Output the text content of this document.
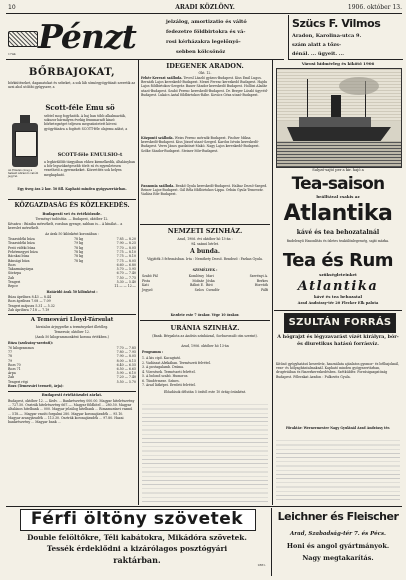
10	ARADI KÖZLÖNY.	1906. október 13.
Pénzt
1744
jelzálog, amortizatio és váltó
fedezetre földbirtokra és vá-
rosi kérházakra legelőnyö-
sebben kölcsönöz
Szücs F. Vilmos
Aradon, Karolina-utca 9.
szám alatt a tőzs-
dénál. ... ügyeit. ...
BŐRBAJOKAT,
bőrkiütéseket, daganatokat és sebeket, a sok láb sömörgyógyítását szeretik az uzsi ahol utóbbi gyógyszer, a
Scott-féle Emu sö
Az Emulsio üveg a halászt ábrázoló valódi jegyrel.
sebtel mog fogyhatók. A baj ban több alkalmazták, sokszor bármilyen évekig fennmaradt kinzó bőrbetegséget teljesen megszüntetett kövesi gyógyítására a fogított SCOTT-féle olajemu adást, a
SCOTT-féle EMULSIO-t
a legkiválóbb tárgyában ehhez kiemelkedik, általányban a bőr legszükségesebb tőröt rá és egyenletesen vezethető a gyermekeket. Közvetítés sok helyen megkapható.
Egy üveg ára 2 kor. 50 fill. Kapható minden gyógyszertárban.
KÖZGAZDASÁG ÉS KÖZLEKEDÉS.
Budapesti vet és értéktőzsde.
Terményi tudósítás. — Budapest, október 12.
Készáru : Búzába mérsékelt, rozsban gyenge, zabban is... A kínálat... a kereslet mérsékelt.
Az árak 50 kilónként koronában :
Tiszavidéki búza	78 kg	7.85 — 8.20
Tiszavidéki búza	79 kg	7.90 — 8.25
Pesti vidéki búza	78 kg	7.70 — 8.05
Fehérmegyei búza	78 kg	7.75 — 8.10
Bácskai búza	78 kg	7.75 — 8.10
Bánsági búza	78 kg	7.75 — 8.05
Rozs	6.60 — 6.80
Takarmányárpa	5.70 — 5.95
Sörárpa	6.70 — 7.40
Zab	7.50 — 7.75
Tengeri	5.30 — 5.40
Repce	11.— — 12.—
Határidő árak 50 kilónként :
Búza áprilisra 8.43 — 8.44
Rozs áprilisra 7.08 — 7.09
Tengeri májusra 5.31 — 5.32
Zab áprilisra 7.18 — 7.19
A Temesvári Lloyd-Társulat
hivatalos árjegyzéke a terményeket illetőleg.
Temesvár, október 12.
(Azok 50 kilogrammonként korona értékben.)
Búza (szokvány-szerinti):
76 kilogrammos	7.70 — 7.85
77	7.80 — 7.95
78	7.90 — 8.05
79	8.00 — 8.15
Rozs 70	6.40 — 6.55
Rozs 71	6.50 — 6.65
Árpa	5.90 — 6.10
Zab	7.20 — 7.40
Tengeri régi	5.50 — 5.70
Rozs (Temesvári termett, árja):
Budapesti értéktőzsdei zárlat.
Budapest, október 12. — Kedv. ... Bankrészvény 000.00. Magyar hitelrészvény ... 727.50. Osztrák hitelrészvény 667.—. Magyar földhitel ... 280.50. Magyar általános hitelbank ... 000. Magyar jelzálog hitelbank ... Rimamuránvi vasmű ... 518.—. Magyar vasúti forgalmi 280. Magyar koronajáradék ... 95.10. Magyar aranyjáradék ... 113.30. Osztrák koronajáradék ... 97.80. Hazai bankrészvény ... Magyar bank ...
IDEGENEK ARADON.
Okt. 12.
Fehér Kereszt szálloda. Tevesl László gyáros-Budapest. Kiss Emil Lugos. Bernáth Lajos kereskedő-Budapest. Mezei Ferenc kereskedő Budapest. Hajdu Lajos földbirtokos-Szegvár. Bauer Sándor kereskedő Budapest. Hollósi Aladár utazó-Budapest. Szabó Ferenc kereskedő-Budapest. Dr. Berger László ügyvéd-Budapest. Lukács Antal földbirtokos-Rábe. Kovács Géza utazó-Budapest.
Központi szálloda. Weiss Ferenc mérnök-Budapest. Fischer Miksa kereskedő-Budapest. Kiss József utazó-Szeged. Kardos István kereskedő-Budapest. Veres János gazdatiszt-Makó. Nagy Lajos kereskedő-Budapest. Szőke Sándor-Budapest. Steiner Mór-Budapest.
Pannonia szálloda. Benkő Gyula kereskedő-Budapest. Halász Dezső-Szeged. Reiner Lajos-Budapest. Gál Béla földbirtokos-Lippa. Orbán Gyula-Temesvár. Vadász Ede-Budapest.
NEMZETI SZINHÁZ.
Arad, 1906. évi október hó 13-án :
94. számú bérlet.
A bunda.
Vígjáték 3 felvonásban. Irta : Nemthety Dezső. Rendező : Farkas Gyula.
SZEMÉLYEK :
Szabó Pál	Komlóssy Mari	Szerényi A.
Pista	Molnár Jóska	Berkes
Kati	Bálint E. Bíró	Horváth
Jegyző	Szűcs Csendőr	Pálfi
Kezdete este 7 órakor. Vége 10 órakor.
URÁNIA SZINHÁZ.
(Bank. Bérpalota az András színházzal, Sorbavonuló cím szerint).
Arad, 1906. október hó 13-án
Programm :
1. A kis cipő. Kacagtató.
2. Vadászat Afrikában. Természeti felvétel.
3. A postagalamb. Dráma.
4. Vízesések. Természeti felvétel.
5. A bolond szabó. Humoros.
6. Tündérmese. Színes.
7. Arad látképei. Eredeti felvétel.
Előadások délután 5 órától este 10 óráig óránként.
Városi hídmérleg és kikötő 1906
Sulyzó-sajtó per a kir. hajó a
Tea-saison
beálltával csakis az
Atlantika
kávé és tea behozatalnál
findelenyű Hasonlítás és ízletes teakülönlegesség, saját márka.
Tea és Rum
szükségleteinket
Atlantika
kávé és tea behozatal
Arad Andrássy-tér 20 Flecker Elk palota
SZULTÁN FORRÁS
A hógrajzt és légyzavarást vízét királyra, bór- és diuretikus hatású forrásvíz.
Kitűnő gyógyhatású keserűvíz, használata ajánlatos gyomor- és bélbajoknál, vese- és hólyagbántalmaknál. Kapható minden gyógyszertárban, drogériában és füszerkereskedésben. Szétküldés: Forrásigazgatóság Budapest. Főlerakat Aradon : Pulkovits Gyula.
Főraktár: Wernermester Nagy Gyulánál Arad Andrássy tér.
Férfi öltöny szövetek
Double felöltőkre, Téli kabátokra, Mikádóra szövetek.
Tessék érdeklődni a kizárólagos posztógyári
raktárban.	1881.
Leichner és Fleischer
Arad, Szabadság-tér 7. és Pécs.
Honi és angol gyártmányok.
Nagy megtakarítás.
